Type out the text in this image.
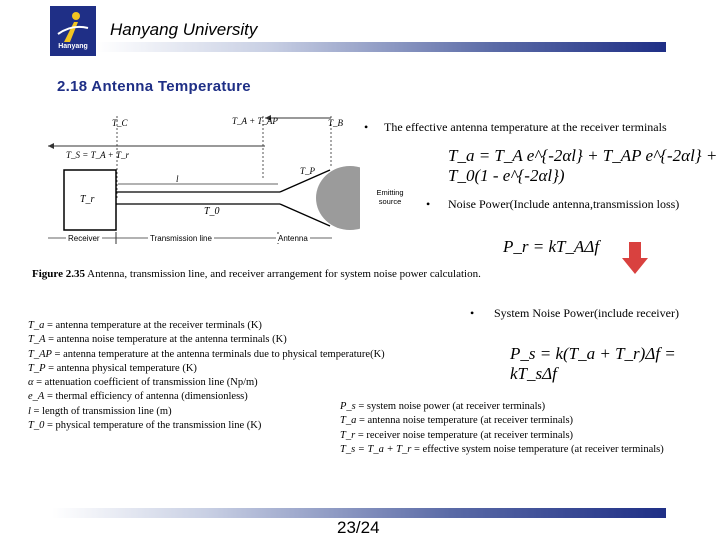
Hanyang
Hanyang University
2.18 Antenna Temperature
T_C	T_A + T_AP	T_B
T_S = T_A + T_r
T_P
l
T_r
T_0
Emitting source
Receiver	Transmission line	Antenna
• The effective antenna temperature at the receiver terminals
T_a = T_A e^{-2αl} + T_AP e^{-2αl} + T_0(1 - e^{-2αl})
• Noise Power(Include antenna,transmission loss)
P_r = kT_AΔf
Figure 2.35 Antenna, transmission line, and receiver arrangement for system noise power calculation.
• System Noise Power(include receiver)
P_s = k(T_a + T_r)Δf = kT_sΔf
T_a = antenna temperature at the receiver terminals (K)
T_A = antenna noise temperature at the antenna terminals (K)
T_AP = antenna temperature at the antenna terminals due to physical temperature(K)
T_P = antenna physical temperature (K)
α = attenuation coefficient of transmission line (Np/m)
e_A = thermal efficiency of antenna (dimensionless)
l = length of transmission line (m)
T_0 = physical temperature of the transmission line (K)
P_s = system noise power (at receiver terminals)
T_a = antenna noise temperature (at receiver terminals)
T_r = receiver noise temperature (at receiver terminals)
T_s = T_a + T_r = effective system noise temperature (at receiver terminals)
23/24
